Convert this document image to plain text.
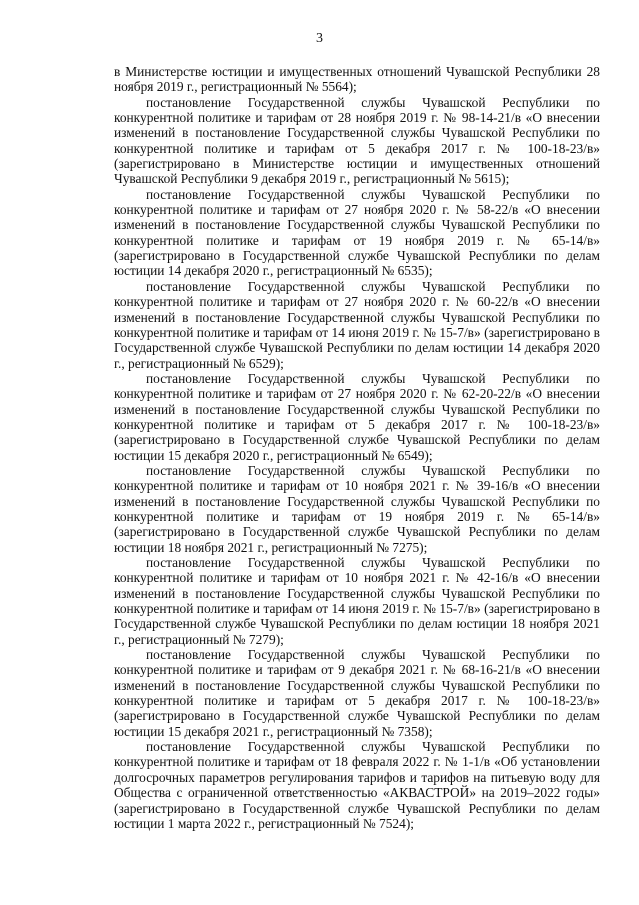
3

в Министерстве юстиции и имущественных отношений Чувашской Республики 28 ноября 2019 г., регистрационный № 5564);

постановление Государственной службы Чувашской Республики по конкурентной политике и тарифам от 28 ноября 2019 г. № 98-14-21/в «О внесении изменений в постановление Государственной службы Чувашской Республики по конкурентной политике и тарифам от 5 декабря 2017 г. № 100-18-23/в» (зарегистрировано в Министерстве юстиции и имущественных отношений Чувашской Республики 9 декабря 2019 г., регистрационный № 5615);

постановление Государственной службы Чувашской Республики по конкурентной политике и тарифам от 27 ноября 2020 г. № 58-22/в «О внесении изменений в постановление Государственной службы Чувашской Республики по конкурентной политике и тарифам от 19 ноября 2019 г. № 65-14/в» (зарегистрировано в Государственной службе Чувашской Республики по делам юстиции 14 декабря 2020 г., регистрационный № 6535);

постановление Государственной службы Чувашской Республики по конкурентной политике и тарифам от 27 ноября 2020 г. № 60-22/в «О внесении изменений в постановление Государственной службы Чувашской Республики по конкурентной политике и тарифам от 14 июня 2019 г. № 15-7/в» (зарегистрировано в Государственной службе Чувашской Республики по делам юстиции 14 декабря 2020 г., регистрационный № 6529);

постановление Государственной службы Чувашской Республики по конкурентной политике и тарифам от 27 ноября 2020 г. № 62-20-22/в «О внесении изменений в постановление Государственной службы Чувашской Республики по конкурентной политике и тарифам от 5 декабря 2017 г. № 100-18-23/в» (зарегистрировано в Государственной службе Чувашской Республики по делам юстиции 15 декабря 2020 г., регистрационный № 6549);

постановление Государственной службы Чувашской Республики по конкурентной политике и тарифам от 10 ноября 2021 г. № 39-16/в «О внесении изменений в постановление Государственной службы Чувашской Республики по конкурентной политике и тарифам от 19 ноября 2019 г. № 65-14/в» (зарегистрировано в Государственной службе Чувашской Республики по делам юстиции 18 ноября 2021 г., регистрационный № 7275);

постановление Государственной службы Чувашской Республики по конкурентной политике и тарифам от 10 ноября 2021 г. № 42-16/в «О внесении изменений в постановление Государственной службы Чувашской Республики по конкурентной политике и тарифам от 14 июня 2019 г. № 15-7/в» (зарегистрировано в Государственной службе Чувашской Республики по делам юстиции 18 ноября 2021 г., регистрационный № 7279);

постановление Государственной службы Чувашской Республики по конкурентной политике и тарифам от 9 декабря 2021 г. № 68-16-21/в «О внесении изменений в постановление Государственной службы Чувашской Республики по конкурентной политике и тарифам от 5 декабря 2017 г. № 100-18-23/в» (зарегистрировано в Государственной службе Чувашской Республики по делам юстиции 15 декабря 2021 г., регистрационный № 7358);

постановление Государственной службы Чувашской Республики по конкурентной политике и тарифам от 18 февраля 2022 г. № 1-1/в «Об установлении долгосрочных параметров регулирования тарифов и тарифов на питьевую воду для Общества с ограниченной ответственностью «АКВАСТРОЙ» на 2019–2022 годы» (зарегистрировано в Государственной службе Чувашской Республики по делам юстиции 1 марта 2022 г., регистрационный № 7524);
